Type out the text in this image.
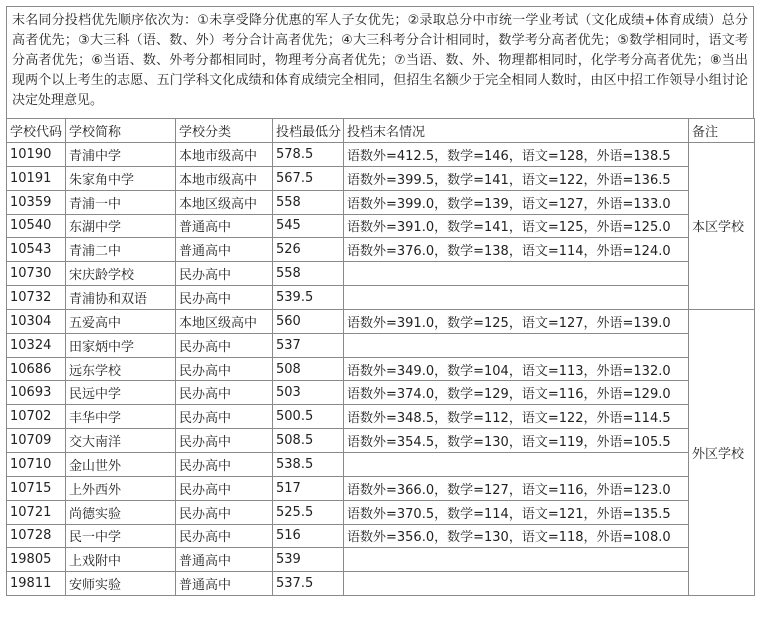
末名同分投档优先顺序依次为：①未享受降分优惠的军人子女优先；②录取总分中市统一学业考试（文化成绩+体育成绩）总分高者优先；③大三科（语、数、外）考分合计高者优先；④大三科考分合计相同时，数学考分高者优先；⑤数学相同时，语文考分高者优先；⑥当语、数、外考分都相同时，物理考分高者优先；⑦当语、数、外、物理都相同时，化学考分高者优先；⑧当出现两个以上考生的志愿、五门学科文化成绩和体育成绩完全相同，但招生名额少于完全相同人数时，由区中招工作领导小组讨论决定处理意见。
学校代码	学校简称	学校分类	投档最低分	投档末名情况	备注
10190	青浦中学	本地市级高中	578.5	语数外=412.5，数学=146，语文=128，外语=138.5	本区学校
10191	朱家角中学	本地市级高中	567.5	语数外=399.5，数学=141，语文=122，外语=136.5	
10359	青浦一中	本地区级高中	558	语数外=399.0，数学=139，语文=127，外语=133.0	
10540	东湖中学	普通高中	545	语数外=391.0，数学=141，语文=125，外语=125.0	
10543	青浦二中	普通高中	526	语数外=376.0，数学=138，语文=114，外语=124.0	
10730	宋庆龄学校	民办高中	558		
10732	青浦协和双语	民办高中	539.5		
10304	五爱高中	本地区级高中	560	语数外=391.0，数学=125，语文=127，外语=139.0	外区学校
10324	田家炳中学	民办高中	537		
10686	远东学校	民办高中	508	语数外=349.0，数学=104，语文=113，外语=132.0	
10693	民远中学	民办高中	503	语数外=374.0，数学=129，语文=116，外语=129.0	
10702	丰华中学	民办高中	500.5	语数外=348.5，数学=112，语文=122，外语=114.5	
10709	交大南洋	民办高中	508.5	语数外=354.5，数学=130，语文=119，外语=105.5	
10710	金山世外	民办高中	538.5		
10715	上外西外	民办高中	517	语数外=366.0，数学=127，语文=116，外语=123.0	
10721	尚德实验	民办高中	525.5	语数外=370.5，数学=114，语文=121，外语=135.5	
10728	民一中学	民办高中	516	语数外=356.0，数学=130，语文=118，外语=108.0	
19805	上戏附中	普通高中	539		
19811	安师实验	普通高中	537.5		
